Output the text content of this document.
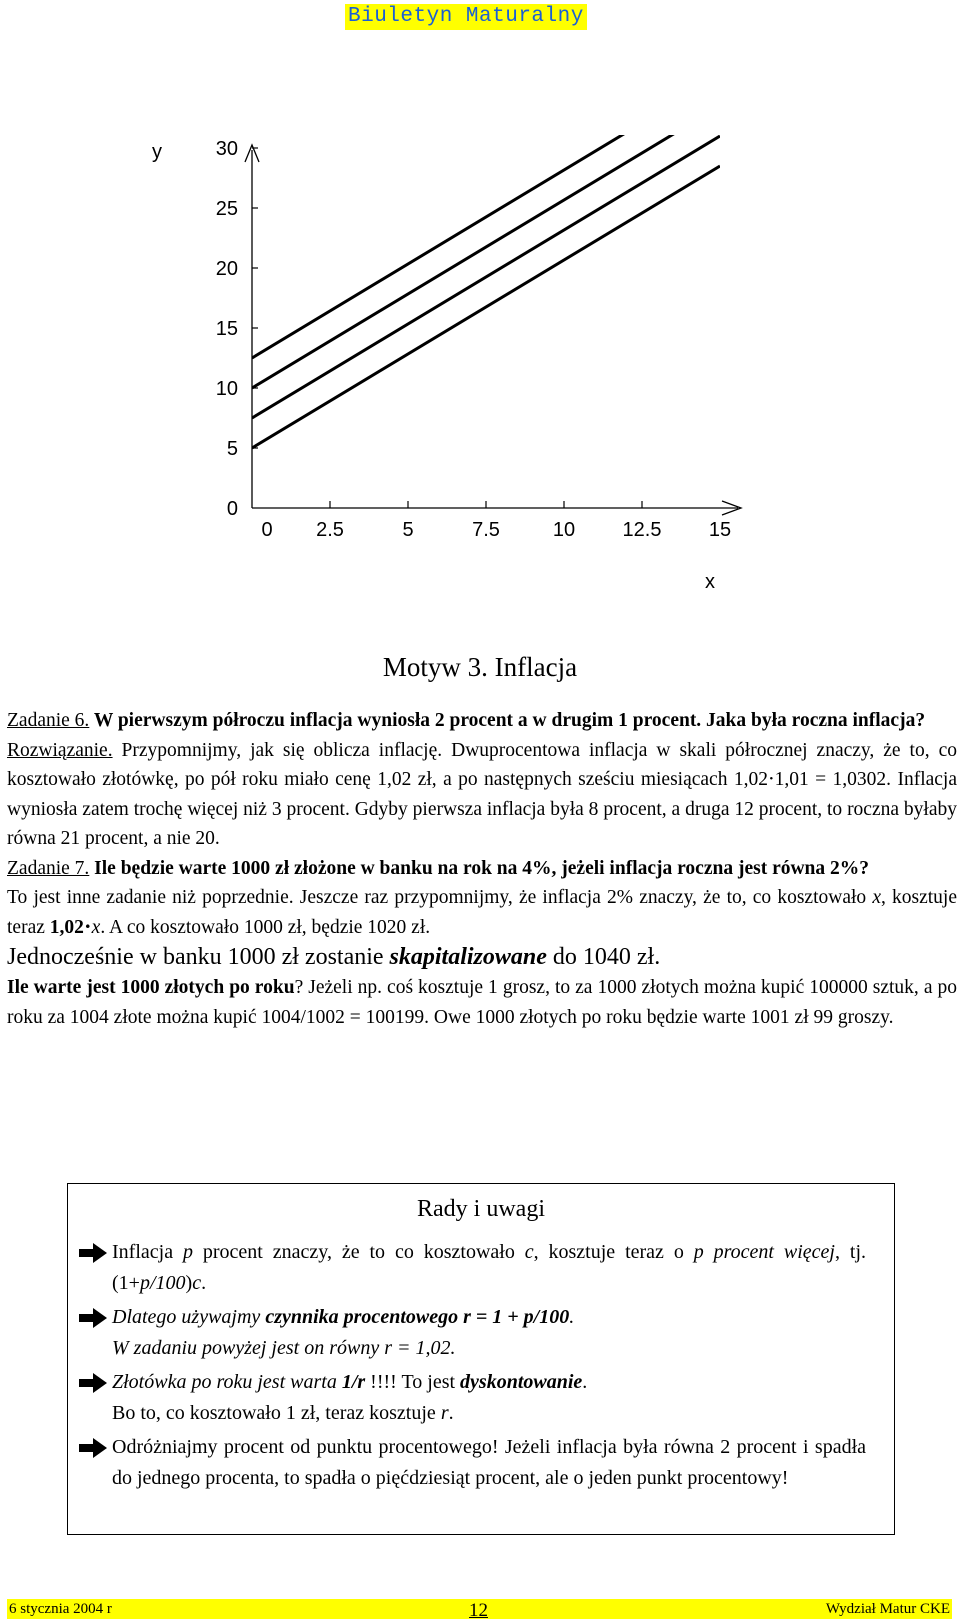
Biuletyn Maturalny
0
5
10
15
20
25
30
0 2.5	5	7.5	10 12.5 15
y
x
Motyw 3. Inflacja

Zadanie 6. W pierwszym półroczu inflacja wyniosła 2 procent a w drugim 1 procent. Jaka była roczna inflacja?

Rozwiązanie. Przypomnijmy, jak się oblicza inflację. Dwuprocentowa inflacja w skali półrocznej znaczy, że to, co kosztowało złotówkę, po pół roku miało cenę 1,02 zł, a po następnych sześciu miesiącach 1,02⋅1,01 = 1,0302. Inflacja wyniosła zatem trochę więcej niż 3 procent. Gdyby pierwsza inflacja była 8 procent, a druga 12 procent, to roczna byłaby równa 21 procent, a nie 20.

Zadanie 7. Ile będzie warte 1000 zł złożone w banku na rok na 4%, jeżeli inflacja roczna jest równa 2%?

To jest inne zadanie niż poprzednie. Jeszcze raz przypomnijmy, że inflacja 2% znaczy, że to, co kosztowało x, kosztuje teraz 1,02⋅x. A co kosztowało 1000 zł, będzie 1020 zł.

Jednocześnie w banku 1000 zł zostanie skapitalizowane do 1040 zł.

Ile warte jest 1000 złotych po roku? Jeżeli np. coś kosztuje 1 grosz, to za 1000 złotych można kupić 100000 sztuk, a po roku za 1004 złote można kupić 1004/1002 = 100199. Owe 1000 złotych po roku będzie warte 1001 zł 99 groszy.

Rady i uwagi
Inflacja p procent znaczy, że to co kosztowało c, kosztuje teraz o p procent więcej, tj. (1+p/100)c.
Dlatego używajmy czynnika procentowego r = 1 + p/100.
W zadaniu powyżej jest on równy r = 1,02.
Złotówka po roku jest warta 1/r !!!! To jest dyskontowanie.
Bo to, co kosztowało 1 zł, teraz kosztuje r.
Odróżniajmy procent od punktu procentowego! Jeżeli inflacja była równa 2 procent i spadła do jednego procenta, to spadła o pięćdziesiąt procent, ale o jeden punkt procentowy!
6 stycznia 2004 r	12	Wydział Matur CKE
